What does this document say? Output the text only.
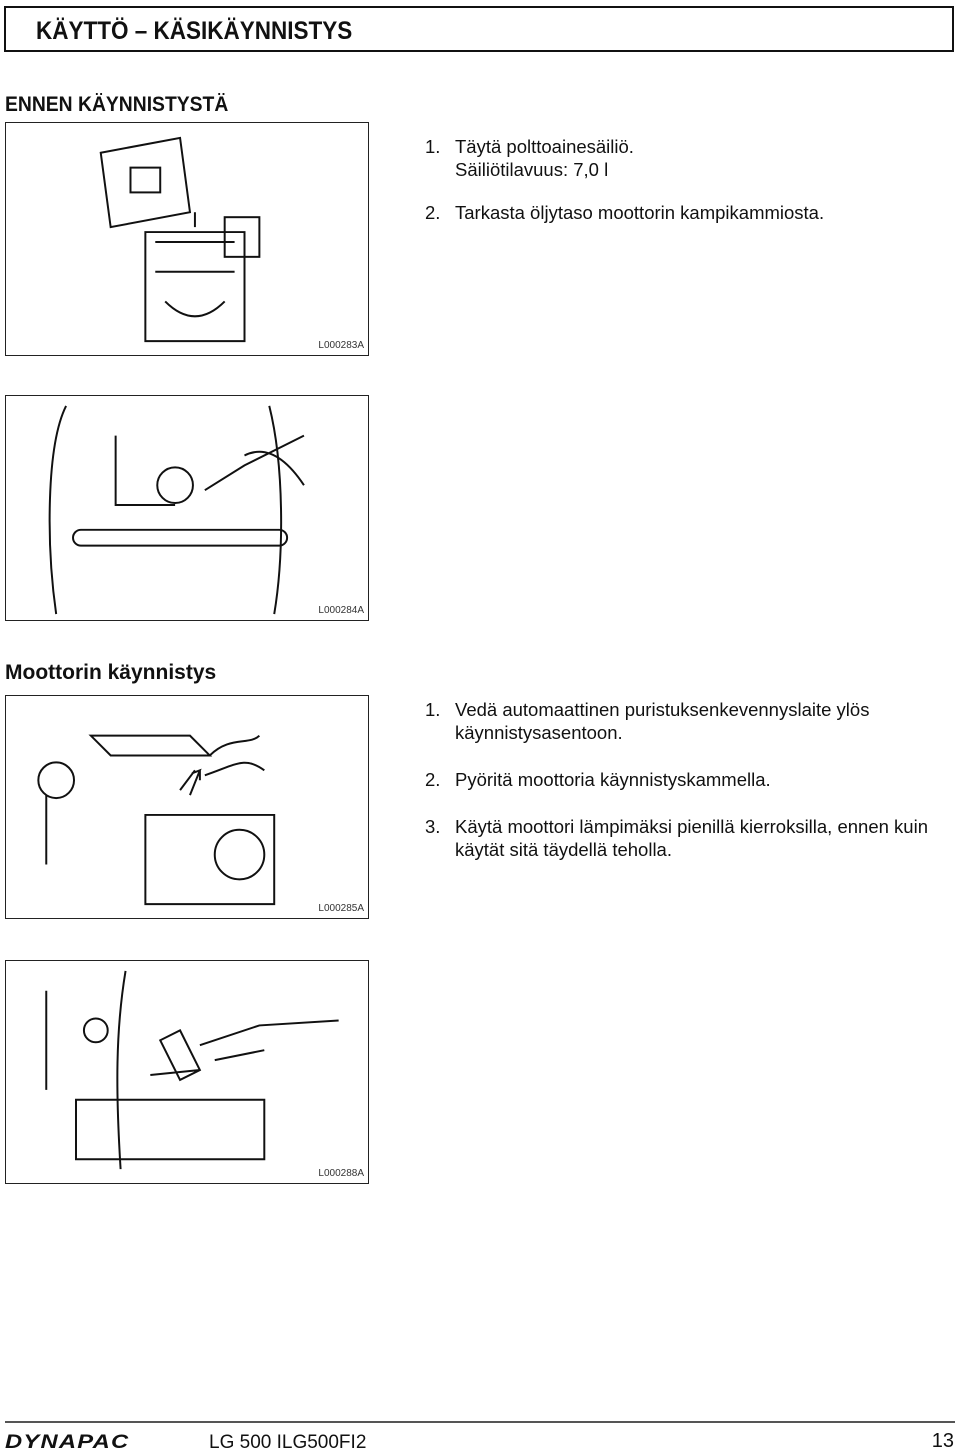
KÄYTTÖ – KÄSIKÄYNNISTYS
ENNEN KÄYNNISTYSTÄ
L000283A
1. Täytä polttoainesäiliö.
Säiliötilavuus: 7,0 l
2. Tarkasta öljytaso moottorin kampikammiosta.
L000284A
Moottorin käynnistys
L000285A
1. Vedä automaattinen puristuksenkevennyslaite ylös käynnistysasentoon.
2. Pyöritä moottoria käynnistyskammella.
3. Käytä moottori lämpimäksi pienillä kierroksilla, ennen kuin käytät sitä täydellä teholla.
L000288A
DYNAPAC	LG 500 ILG500FI2	13
